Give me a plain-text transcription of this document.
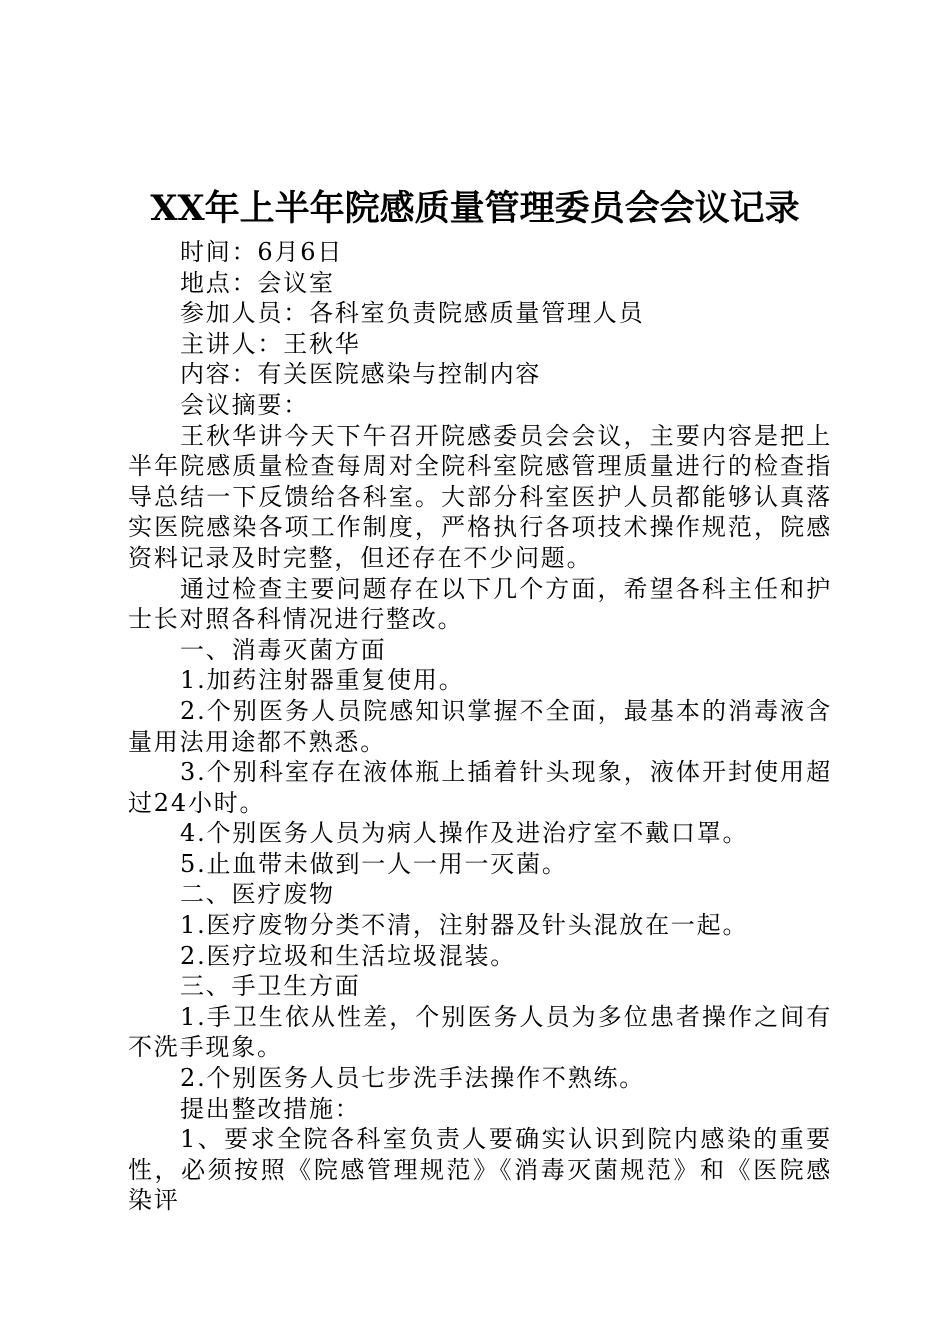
XX年上半年院感质量管理委员会会议记录

时间：6月6日

地点：会议室

参加人员：各科室负责院感质量管理人员

主讲人：王秋华

内容：有关医院感染与控制内容

会议摘要：

王秋华讲今天下午召开院感委员会会议，主要内容是把上半年院感质量检查每周对全院科室院感管理质量进行的检查指导总结一下反馈给各科室。大部分科室医护人员都能够认真落实医院感染各项工作制度，严格执行各项技术操作规范，院感资料记录及时完整，但还存在不少问题。

通过检查主要问题存在以下几个方面，希望各科主任和护士长对照各科情况进行整改。

一、消毒灭菌方面

1.加药注射器重复使用。

2.个别医务人员院感知识掌握不全面，最基本的消毒液含量用法用途都不熟悉。

3.个别科室存在液体瓶上插着针头现象，液体开封使用超过24小时。

4.个别医务人员为病人操作及进治疗室不戴口罩。

5.止血带未做到一人一用一灭菌。

二、医疗废物

1.医疗废物分类不清，注射器及针头混放在一起。

2.医疗垃圾和生活垃圾混装。

三、手卫生方面

1.手卫生依从性差，个别医务人员为多位患者操作之间有不洗手现象。

2.个别医务人员七步洗手法操作不熟练。

提出整改措施：

1、要求全院各科室负责人要确实认识到院内感染的重要性，必须按照《院感管理规范》《消毒灭菌规范》和《医院感染评
